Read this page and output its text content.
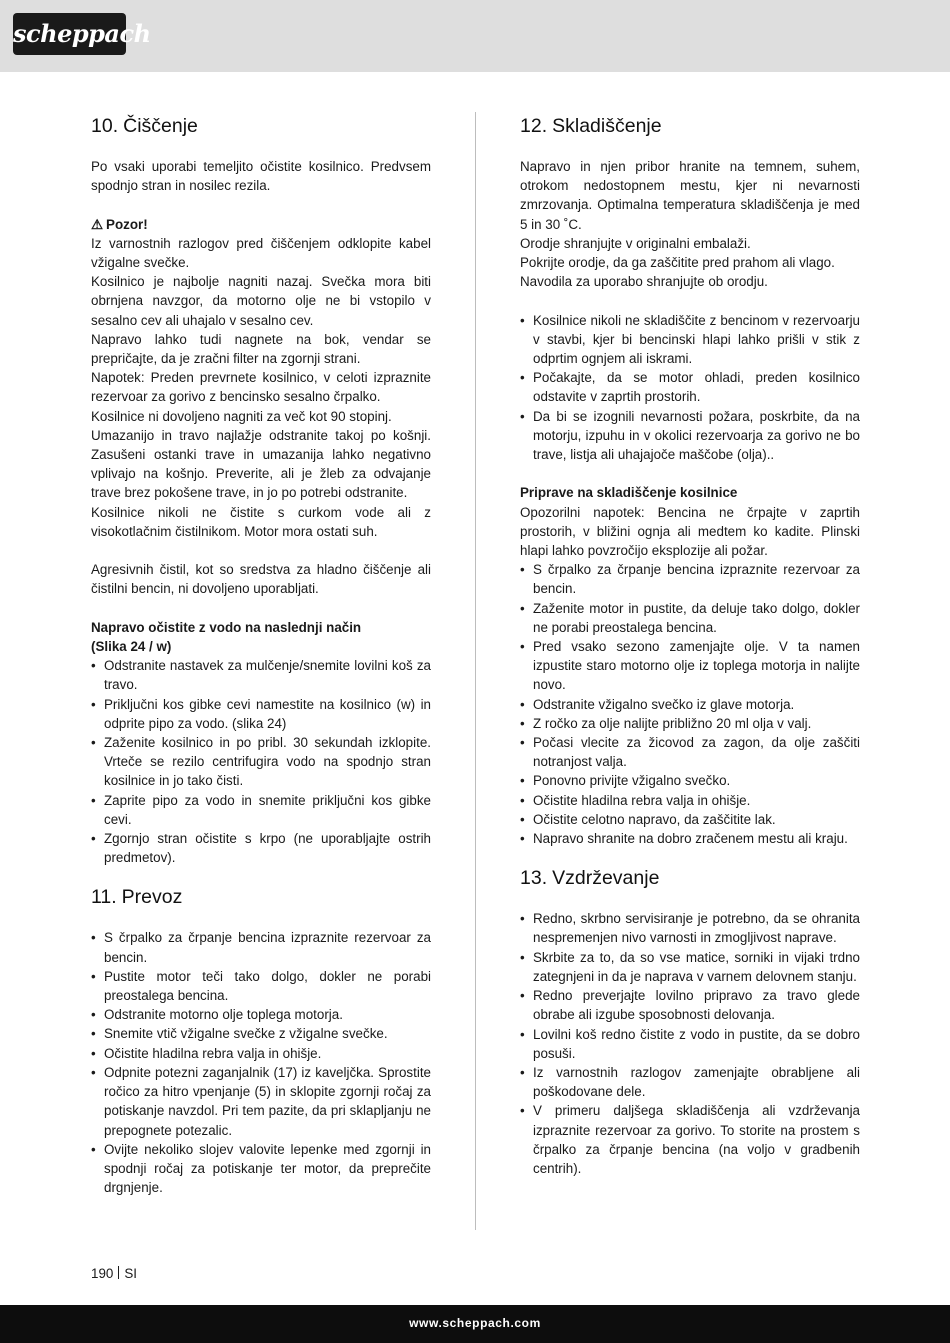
scheppach
10. Čiščenje

Po vsaki uporabi temeljito očistite kosilnico. Predvsem spodnjo stran in nosilec rezila.

⚠ Pozor!

Iz varnostnih razlogov pred čiščenjem odklopite kabel vžigalne svečke.

Kosilnico je najbolje nagniti nazaj. Svečka mora biti obrnjena navzgor, da motorno olje ne bi vstopilo v sesalno cev ali uhajalo v sesalno cev.

Napravo lahko tudi nagnete na bok, vendar se prepričajte, da je zračni filter na zgornji strani.

Napotek: Preden prevrnete kosilnico, v celoti izpraznite rezervoar za gorivo z bencinsko sesalno črpalko.

Kosilnice ni dovoljeno nagniti za več kot 90 stopinj.

Umazanijo in travo najlažje odstranite takoj po košnji. Zasušeni ostanki trave in umazanija lahko negativno vplivajo na košnjo. Preverite, ali je žleb za odvajanje trave brez pokošene trave, in jo po potrebi odstranite.

Kosilnice nikoli ne čistite s curkom vode ali z visokotlačnim čistilnikom. Motor mora ostati suh.

Agresivnih čistil, kot so sredstva za hladno čiščenje ali čistilni bencin, ni dovoljeno uporabljati.

Napravo očistite z vodo na naslednji način

(Slika 24 / w)

• Odstranite nastavek za mulčenje/snemite lovilni koš za travo.
• Priključni kos gibke cevi namestite na kosilnico (w) in odprite pipo za vodo. (slika 24)
• Zaženite kosilnico in po pribl. 30 sekundah izklopite. Vrteče se rezilo centrifugira vodo na spodnjo stran kosilnice in jo tako čisti.
• Zaprite pipo za vodo in snemite priključni kos gibke cevi.
• Zgornjo stran očistite s krpo (ne uporabljajte ostrih predmetov).
11. Prevoz
• S črpalko za črpanje bencina izpraznite rezervoar za bencin.
• Pustite motor teči tako dolgo, dokler ne porabi preostalega bencina.
• Odstranite motorno olje toplega motorja.
• Snemite vtič vžigalne svečke z vžigalne svečke.
• Očistite hladilna rebra valja in ohišje.
• Odpnite potezni zaganjalnik (17) iz kaveljčka. Sprostite ročico za hitro vpenjanje (5) in sklopite zgornji ročaj za potiskanje navzdol. Pri tem pazite, da pri sklapljanju ne prepognete potezalic.
• Ovijte nekoliko slojev valovite lepenke med zgornji in spodnji ročaj za potiskanje ter motor, da preprečite drgnjenje.
12. Skladiščenje

Napravo in njen pribor hranite na temnem, suhem, otrokom nedostopnem mestu, kjer ni nevarnosti zmrzovanja. Optimalna temperatura skladiščenja je med 5 in 30 ˚C.

Orodje shranjujte v originalni embalaži.

Pokrijte orodje, da ga zaščitite pred prahom ali vlago.

Navodila za uporabo shranjujte ob orodju.

• Kosilnice nikoli ne skladiščite z bencinom v rezervoarju v stavbi, kjer bi bencinski hlapi lahko prišli v stik z odprtim ognjem ali iskrami.
• Počakajte, da se motor ohladi, preden kosilnico odstavite v zaprtih prostorih.
• Da bi se izognili nevarnosti požara, poskrbite, da na motorju, izpuhu in v okolici rezervoarja za gorivo ne bo trave, listja ali uhajajoče maščobe (olja)..

Priprave na skladiščenje kosilnice

Opozorilni napotek: Bencina ne črpajte v zaprtih prostorih, v bližini ognja ali medtem ko kadite. Plinski hlapi lahko povzročijo eksplozije ali požar.

• S črpalko za črpanje bencina izpraznite rezervoar za bencin.
• Zaženite motor in pustite, da deluje tako dolgo, dokler ne porabi preostalega bencina.
• Pred vsako sezono zamenjajte olje. V ta namen izpustite staro motorno olje iz toplega motorja in nalijte novo.
• Odstranite vžigalno svečko iz glave motorja.
• Z ročko za olje nalijte približno 20 ml olja v valj.
• Počasi vlecite za žicovod za zagon, da olje zaščiti notranjost valja.
• Ponovno privijte vžigalno svečko.
• Očistite hladilna rebra valja in ohišje.
• Očistite celotno napravo, da zaščitite lak.
• Napravo shranite na dobro zračenem mestu ali kraju.
13. Vzdrževanje
• Redno, skrbno servisiranje je potrebno, da se ohranita nespremenjen nivo varnosti in zmogljivost naprave.
• Skrbite za to, da so vse matice, sorniki in vijaki trdno zategnjeni in da je naprava v varnem delovnem stanju.
• Redno preverjajte lovilno pripravo za travo glede obrabe ali izgube sposobnosti delovanja.
• Lovilni koš redno čistite z vodo in pustite, da se dobro posuši.
• Iz varnostnih razlogov zamenjajte obrabljene ali poškodovane dele.
• V primeru daljšega skladiščenja ali vzdrževanja izpraznite rezervoar za gorivo. To storite na prostem s črpalko za črpanje bencina (na voljo v gradbenih centrih).
190 SI
www.scheppach.com
